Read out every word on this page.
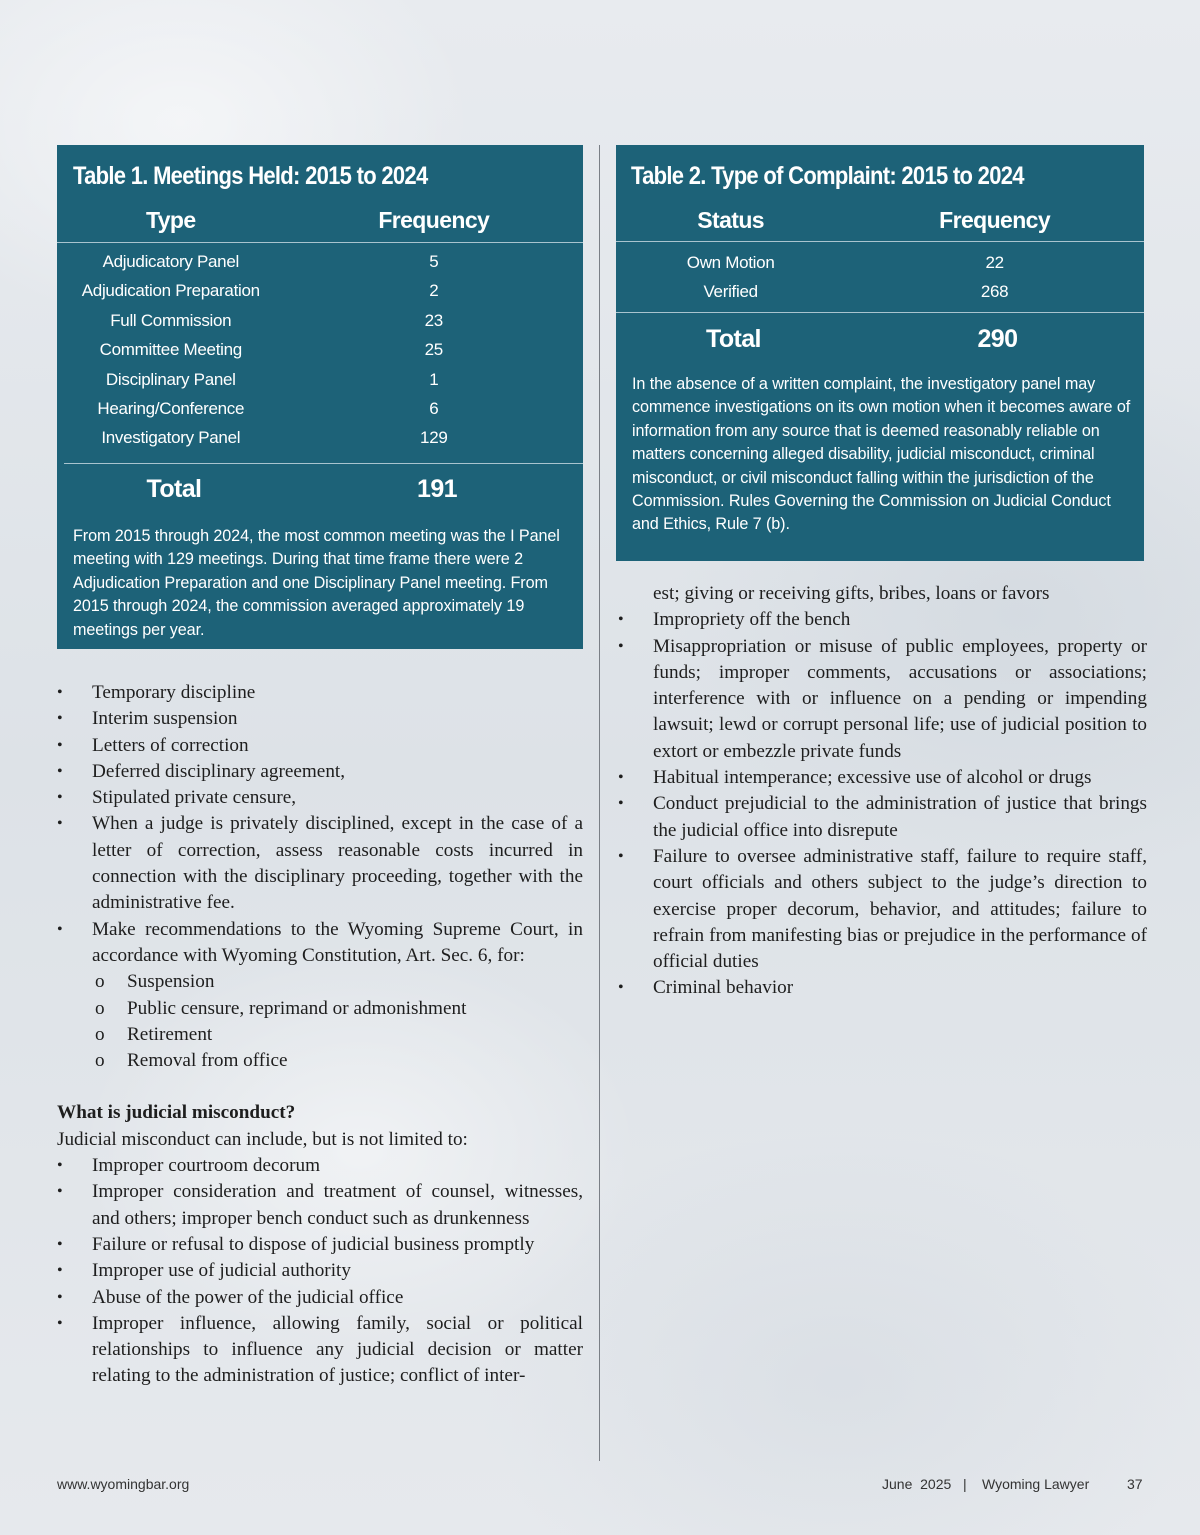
Table 1. Meetings Held: 2015 to 2024
Type	Frequency
Adjudicatory Panel	5
Adjudication Preparation	2
Full Commission	23
Committee Meeting	25
Disciplinary Panel	1
Hearing/Conference	6
Investigatory Panel	129
Total	191
From 2015 through 2024, the most common meeting was the I Panel meeting with 129 meetings. During that time frame there were 2 Adjudication Preparation and one Disciplinary Panel meeting. From 2015 through 2024, the commission averaged approximately 19 meetings per year.
Table 2. Type of Complaint: 2015 to 2024
Status	Frequency
Own Motion	22
Verified	268
Total	290
In the absence of a written complaint, the investigatory panel may commence investigations on its own motion when it becomes aware of information from any source that is deemed reasonably reliable on matters concerning alleged disability, judicial misconduct, criminal misconduct, or civil misconduct falling within the jurisdiction of the Commission. Rules Governing the Commission on Judicial Conduct and Ethics, Rule 7 (b).
• Temporary discipline
• Interim suspension
• Letters of correction
• Deferred disciplinary agreement,
• Stipulated private censure,
• When a judge is privately disciplined, except in the case of a letter of correction, assess reasonable costs incurred in connection with the disciplinary proceeding, together with the administrative fee.
• Make recommendations to the Wyoming Supreme Court, in accordance with Wyoming Constitution, Art. Sec. 6, for:
o Suspension
o Public censure, reprimand or admonishment
o Retirement
o Removal from office
What is judicial misconduct?
Judicial misconduct can include, but is not limited to:
• Improper courtroom decorum
• Improper consideration and treatment of counsel, witnesses, and others; improper bench conduct such as drunkenness
• Failure or refusal to dispose of judicial business promptly
• Improper use of judicial authority
• Abuse of the power of the judicial office
• Improper influence, allowing family, social or political relationships to influence any judicial decision or matter relating to the administration of justice; conflict of inter-
est; giving or receiving gifts, bribes, loans or favors
• Impropriety off the bench
• Misappropriation or misuse of public employees, property or funds; improper comments, accusations or associations; interference with or influence on a pending or impending lawsuit; lewd or corrupt personal life; use of judicial position to extort or embezzle private funds
• Habitual intemperance; excessive use of alcohol or drugs
• Conduct prejudicial to the administration of justice that brings the judicial office into disrepute
• Failure to oversee administrative staff, failure to require staff, court officials and others subject to the judge’s direction to exercise proper decorum, behavior, and attitudes; failure to refrain from manifesting bias or prejudice in the performance of official duties
• Criminal behavior
www.wyomingbar.org	June  2025 | Wyoming Lawyer	37
